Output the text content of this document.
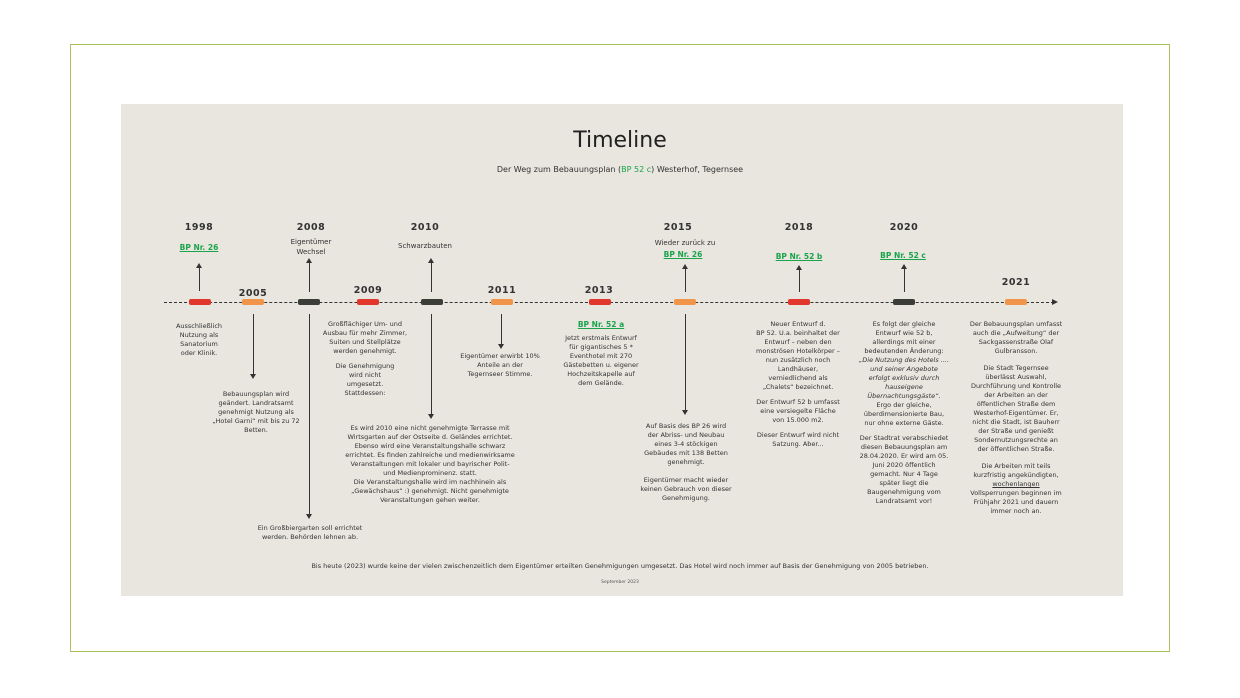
Timeline
Der Weg zum Bebauungsplan (BP 52 c) Westerhof, Tegernsee
1998
2005
2008
2009
2010
2011	2013
2015	2018	2020
2021
BP Nr. 26
Eigentümer
Wechsel
Schwarzbauten	Wieder zurück zu
BP Nr. 26	BP Nr. 52 b	BP Nr. 52 c
Ausschließlich
Nutzung als
Sanatorium
oder Klinik.
Bebauungsplan wird
geändert. Landratsamt
genehmigt Nutzung als
„Hotel Garni“ mit bis zu 72
Betten.
Ein Großbiergarten soll errichtet
werden. Behörden lehnen ab.
Großflächiger Um- und
Ausbau für mehr Zimmer,
Suiten und Stellplätze
werden genehmigt.
Die Genehmigung
wird nicht
umgesetzt.
Stattdessen:
Es wird 2010 eine nicht genehmigte Terrasse mit
Wirtsgarten auf der Ostseite d. Geländes errichtet.
Ebenso wird eine Veranstaltungshalle schwarz
errichtet. Es finden zahlreiche und medienwirksame
Veranstaltungen mit lokaler und bayrischer Polit-
und Medienprominenz. statt.
Die Veranstaltungshalle wird im nachhinein als
„Gewächshaus“ :) genehmigt. Nicht genehmigte
Veranstaltungen gehen weiter.
Eigentümer erwirbt 10%
Anteile an der
Tegernseer Stimme.
BP Nr. 52 a
Jetzt erstmals Entwurf
für gigantisches 5 *
Eventhotel mit 270
Gästebetten u. eigener
Hochzeitskapelle auf
dem Gelände.
Auf Basis des BP 26 wird
der Abriss- und Neubau
eines 3-4 stöckigen
Gebäudes mit 138 Betten
genehmigt.
Eigentümer macht wieder
keinen Gebrauch von dieser
Genehmigung.
Neuer Entwurf d.
BP 52. U.a. beinhaltet der
Entwurf – neben den
monströsen Hotelkörper –
nun zusätzlich noch
Landhäuser,
verniedlichend als
„Chalets“ bezeichnet.
Der Entwurf 52 b umfasst
eine versiegelte Fläche
von 15.000 m2.
Dieser Entwurf wird nicht
Satzung. Aber...
Es folgt der gleiche
Entwurf wie 52 b,
allerdings mit einer
bedeutenden Änderung:
„Die Nutzung des Hotels ....
und seiner Angebote
erfolgt exklusiv durch
hauseigene
Übernachtungsgäste“.
Ergo der gleiche,
überdimensionierte Bau,
nur ohne externe Gäste.
Der Stadtrat verabschiedet
diesen Bebauungsplan am
28.04.2020. Er wird am 05.
Juni 2020 öffentlich
gemacht. Nur 4 Tage
später liegt die
Baugenehmigung vom
Landratsamt vor!
Der Bebauungsplan umfasst
auch die „Aufweitung“ der
Sackgassenstraße Olaf
Gulbransson.
Die Stadt Tegernsee
überlässt Auswahl,
Durchführung und Kontrolle
der Arbeiten an der
öffentlichen Straße dem
Westerhof-Eigentümer. Er,
nicht die Stadt, ist Bauherr
der Straße und genießt
Sondernutzungsrechte an
der öffentlichen Straße.
Die Arbeiten mit teils
kurzfristig angekündigten,
wochenlangen
Vollsperrungen beginnen im
Frühjahr 2021 und dauern
immer noch an.
Bis heute (2023) wurde keine der vielen zwischenzeitlich dem Eigentümer erteilten Genehmigungen umgesetzt. Das Hotel wird noch immer auf Basis der Genehmigung von 2005 betrieben.
September 2023
